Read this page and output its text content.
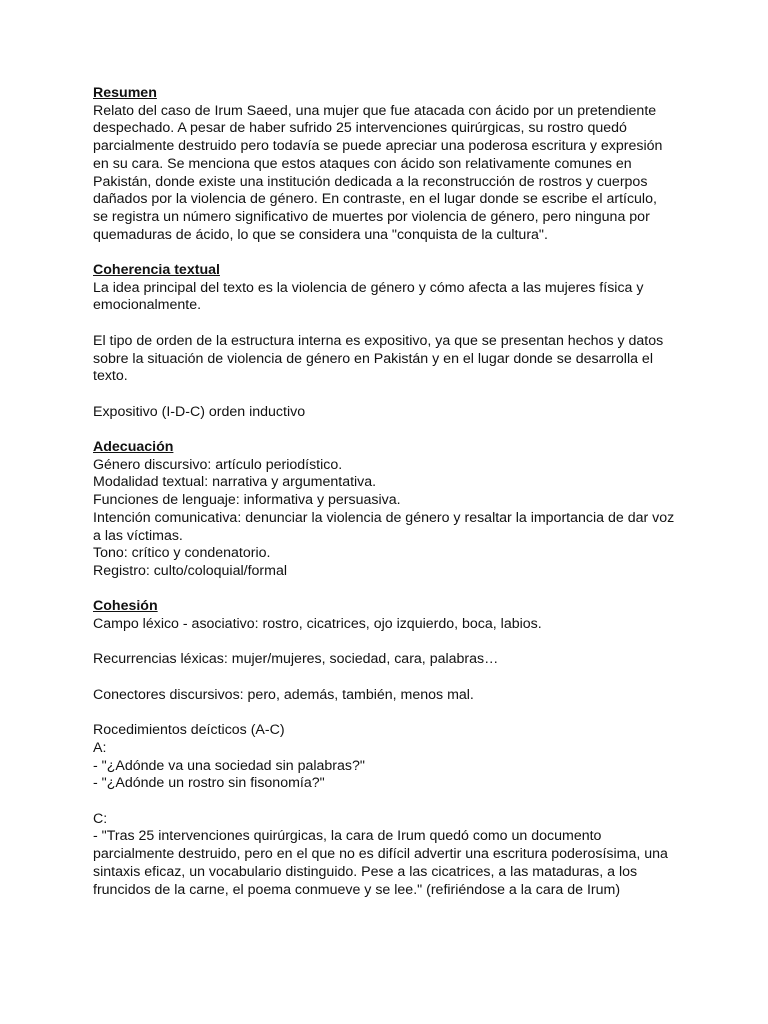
Resumen
Relato del caso de Irum Saeed, una mujer que fue atacada con ácido por un pretendiente
despechado. A pesar de haber sufrido 25 intervenciones quirúrgicas, su rostro quedó
parcialmente destruido pero todavía se puede apreciar una poderosa escritura y expresión
en su cara. Se menciona que estos ataques con ácido son relativamente comunes en
Pakistán, donde existe una institución dedicada a la reconstrucción de rostros y cuerpos
dañados por la violencia de género. En contraste, en el lugar donde se escribe el artículo,
se registra un número significativo de muertes por violencia de género, pero ninguna por
quemaduras de ácido, lo que se considera una "conquista de la cultura".
Coherencia textual
La idea principal del texto es la violencia de género y cómo afecta a las mujeres física y
emocionalmente.
El tipo de orden de la estructura interna es expositivo, ya que se presentan hechos y datos
sobre la situación de violencia de género en Pakistán y en el lugar donde se desarrolla el
texto.
Expositivo (I-D-C) orden inductivo
Adecuación
Género discursivo: artículo periodístico.
Modalidad textual: narrativa y argumentativa.
Funciones de lenguaje: informativa y persuasiva.
Intención comunicativa: denunciar la violencia de género y resaltar la importancia de dar voz
a las víctimas.
Tono: crítico y condenatorio.
Registro: culto/coloquial/formal
Cohesión
Campo léxico - asociativo: rostro, cicatrices, ojo izquierdo, boca, labios.
Recurrencias léxicas: mujer/mujeres, sociedad, cara, palabras…
Conectores discursivos: pero, además, también, menos mal.
Rocedimientos deícticos (A-C)
A:
- "¿Adónde va una sociedad sin palabras?"
- "¿Adónde un rostro sin fisonomía?"
C:
- "Tras 25 intervenciones quirúrgicas, la cara de Irum quedó como un documento
parcialmente destruido, pero en el que no es difícil advertir una escritura poderosísima, una
sintaxis eficaz, un vocabulario distinguido. Pese a las cicatrices, a las mataduras, a los
fruncidos de la carne, el poema conmueve y se lee." (refiriéndose a la cara de Irum)
